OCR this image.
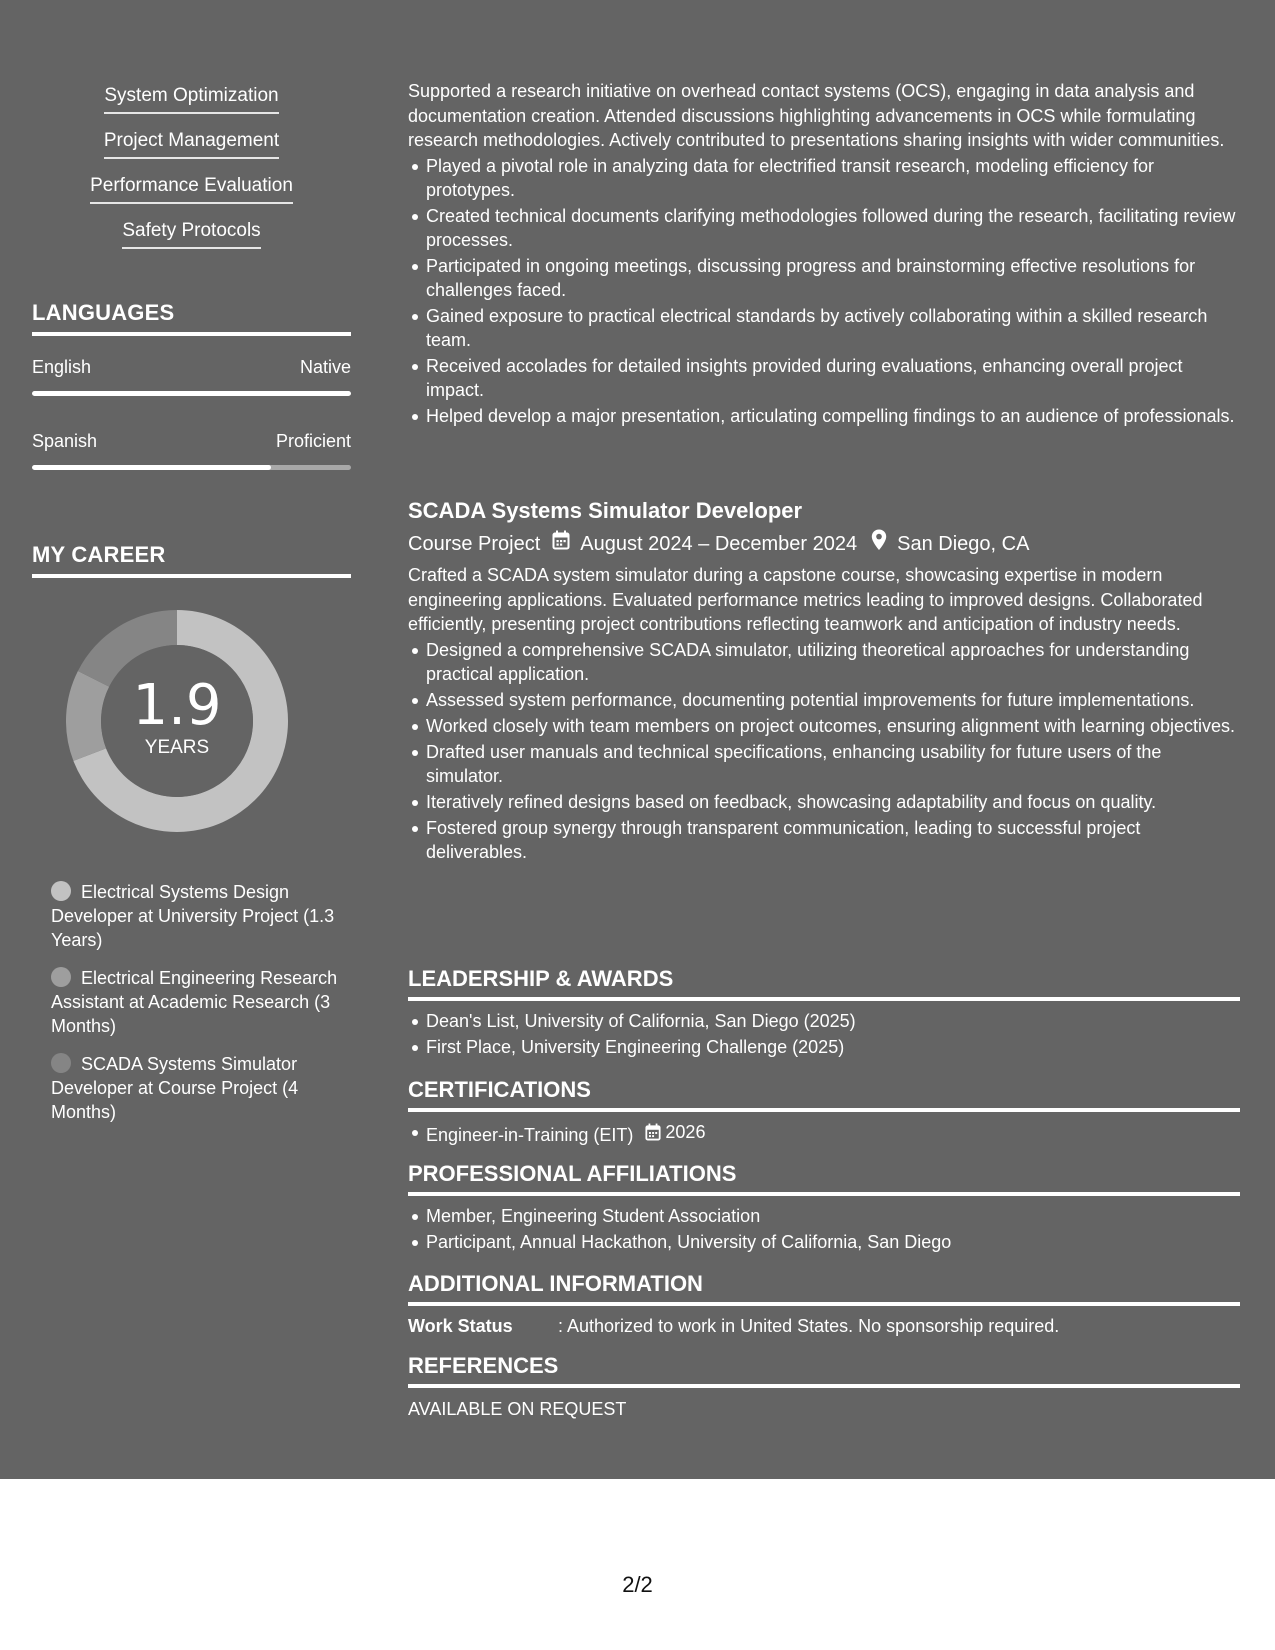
System Optimization
Project Management
Performance Evaluation
Safety Protocols
LANGUAGES
English	Native
Spanish	Proficient
MY CAREER
1.9
YEARS
Electrical Systems Design Developer at University Project (1.3 Years)
Electrical Engineering Research Assistant at Academic Research (3 Months)
SCADA Systems Simulator Developer at Course Project (4 Months)

Supported a research initiative on overhead contact systems (OCS), engaging in data analysis and documentation creation. Attended discussions highlighting advancements in OCS while formulating research methodologies. Actively contributed to presentations sharing insights with wider communities.

Played a pivotal role in analyzing data for electrified transit research, modeling efficiency for prototypes.
Created technical documents clarifying methodologies followed during the research, facilitating review processes.
Participated in ongoing meetings, discussing progress and brainstorming effective resolutions for challenges faced.
Gained exposure to practical electrical standards by actively collaborating within a skilled research team.
Received accolades for detailed insights provided during evaluations, enhancing overall project impact.
Helped develop a major presentation, articulating compelling findings to an audience of professionals.
SCADA Systems Simulator Developer
Course Project August 2024 – December 2024 San Diego, CA

Crafted a SCADA system simulator during a capstone course, showcasing expertise in modern engineering applications. Evaluated performance metrics leading to improved designs. Collaborated efficiently, presenting project contributions reflecting teamwork and anticipation of industry needs.

Designed a comprehensive SCADA simulator, utilizing theoretical approaches for understanding practical application.
Assessed system performance, documenting potential improvements for future implementations.
Worked closely with team members on project outcomes, ensuring alignment with learning objectives.
Drafted user manuals and technical specifications, enhancing usability for future users of the simulator.
Iteratively refined designs based on feedback, showcasing adaptability and focus on quality.
Fostered group synergy through transparent communication, leading to successful project deliverables.
LEADERSHIP & AWARDS
Dean's List, University of California, San Diego (2025)
First Place, University Engineering Challenge (2025)
CERTIFICATIONS
Engineer-in-Training (EIT) 2026
PROFESSIONAL AFFILIATIONS
Member, Engineering Student Association
Participant, Annual Hackathon, University of California, San Diego
ADDITIONAL INFORMATION
Work Status	: Authorized to work in United States. No sponsorship required.
REFERENCES
AVAILABLE ON REQUEST
2/2
